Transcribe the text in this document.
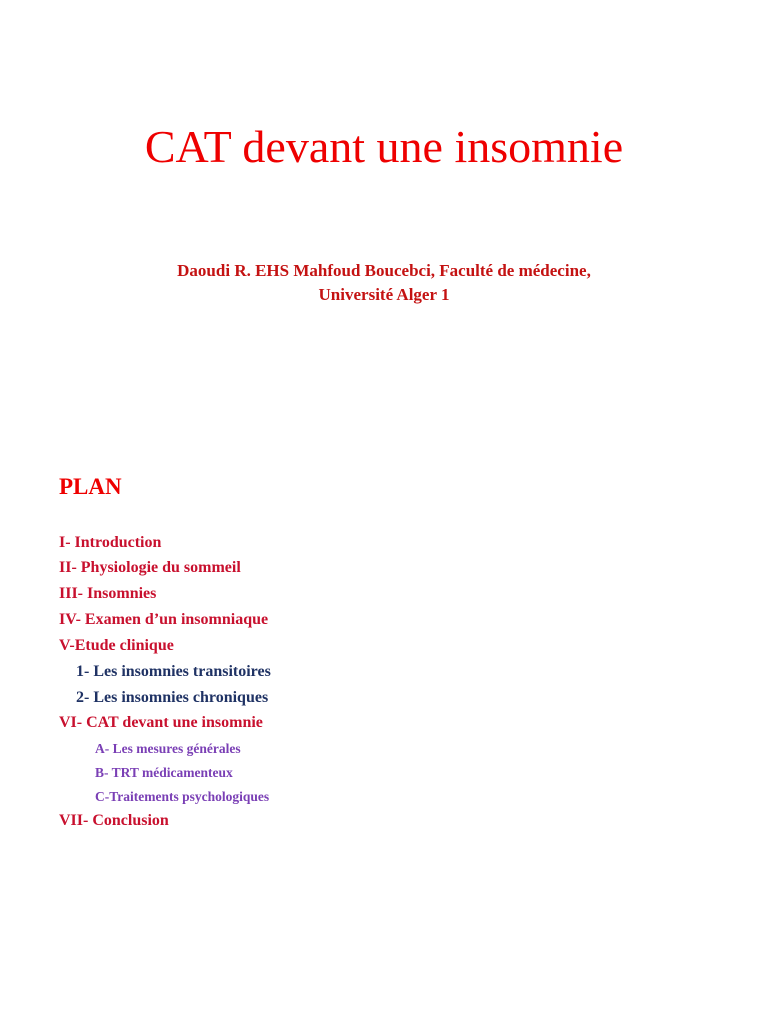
CAT devant une insomnie
Daoudi R. EHS Mahfoud Boucebci, Faculté de médecine,
Université Alger 1
PLAN
I- Introduction
II- Physiologie du sommeil
III- Insomnies
IV- Examen d’un insomniaque
V-Etude clinique
1- Les insomnies transitoires
2- Les insomnies chroniques
VI- CAT devant une insomnie
A- Les mesures générales
B- TRT médicamenteux
C-Traitements psychologiques
VII- Conclusion
